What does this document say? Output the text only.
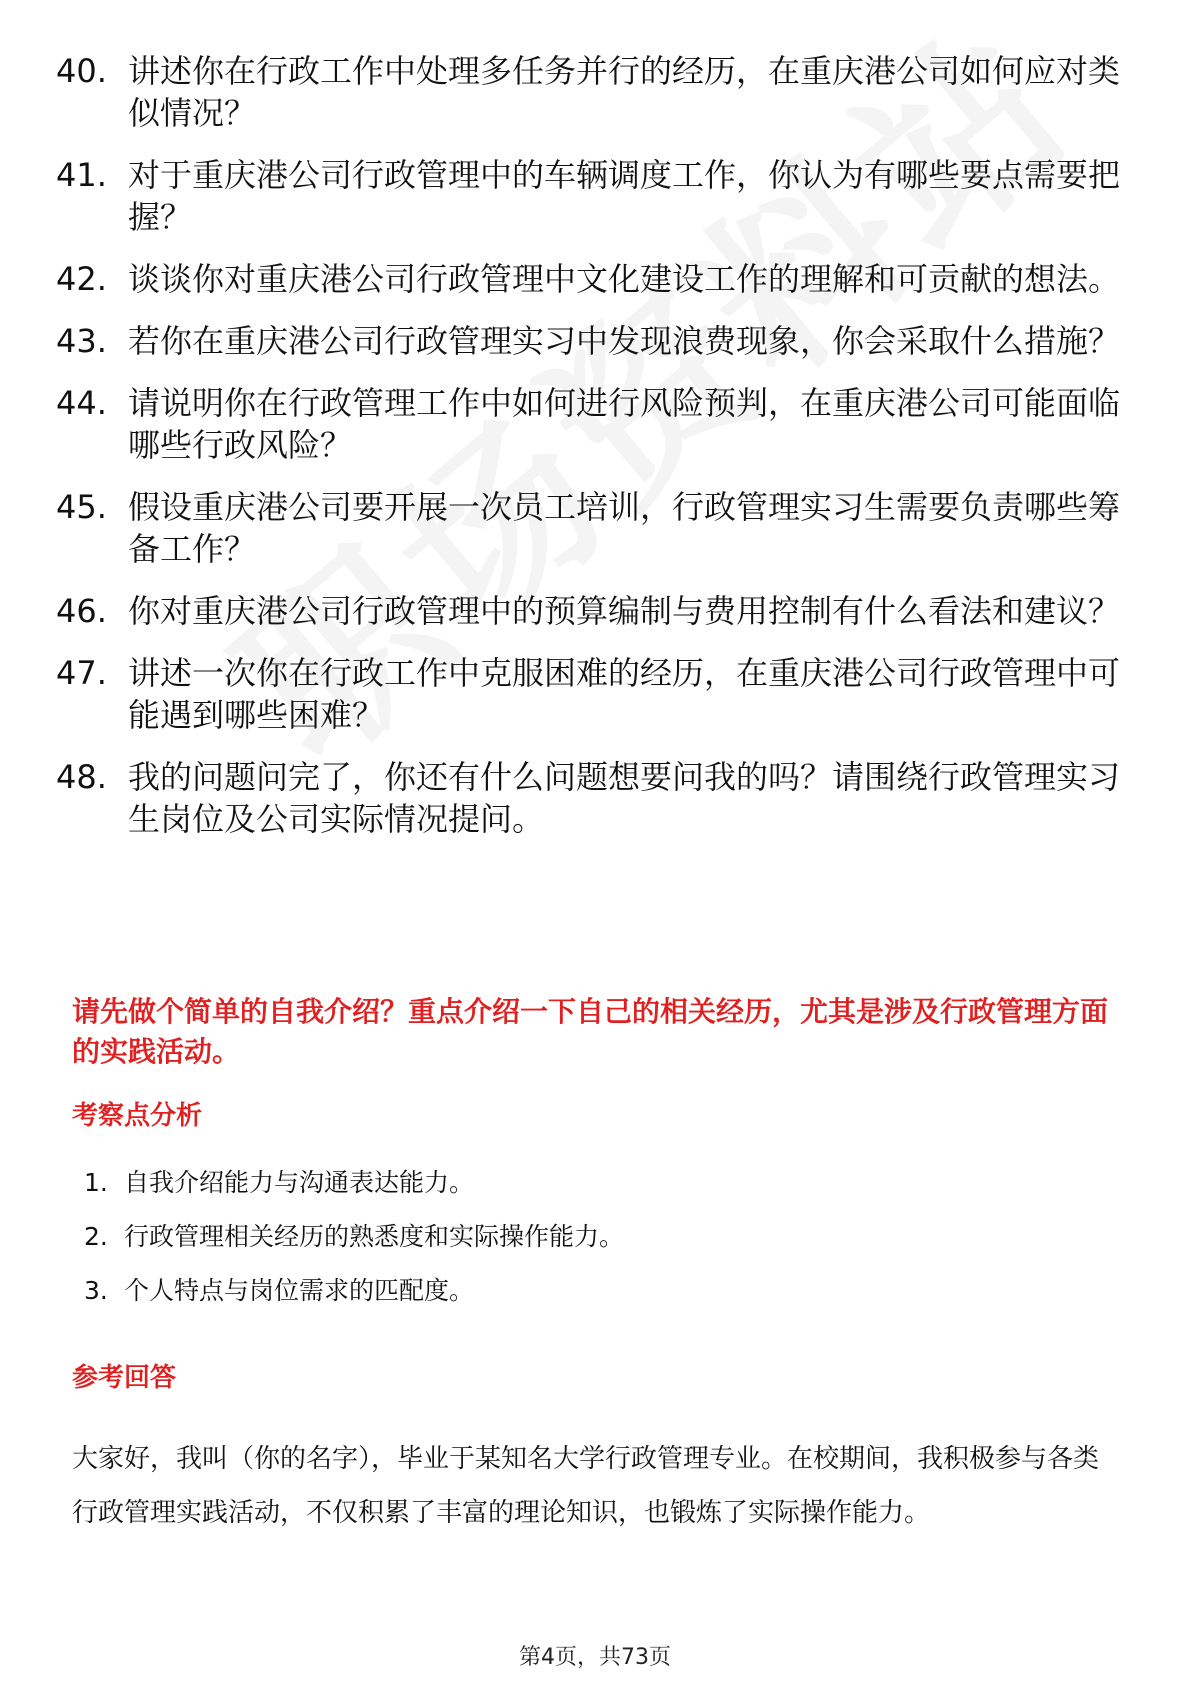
40. 讲述你在行政工作中处理多任务并行的经历，在重庆港公司如何应对类似情况？
41. 对于重庆港公司行政管理中的车辆调度工作，你认为有哪些要点需要把握？
42. 谈谈你对重庆港公司行政管理中文化建设工作的理解和可贡献的想法。
43. 若你在重庆港公司行政管理实习中发现浪费现象，你会采取什么措施？
44. 请说明你在行政管理工作中如何进行风险预判，在重庆港公司可能面临哪些行政风险？
45. 假设重庆港公司要开展一次员工培训，行政管理实习生需要负责哪些筹备工作？
46. 你对重庆港公司行政管理中的预算编制与费用控制有什么看法和建议？
47. 讲述一次你在行政工作中克服困难的经历，在重庆港公司行政管理中可能遇到哪些困难？
48. 我的问题问完了，你还有什么问题想要问我的吗？请围绕行政管理实习生岗位及公司实际情况提问。
请先做个简单的自我介绍？重点介绍一下自己的相关经历，尤其是涉及行政管理方面的实践活动。
考察点分析
1. 自我介绍能力与沟通表达能力。
2. 行政管理相关经历的熟悉度和实际操作能力。
3. 个人特点与岗位需求的匹配度。
参考回答
大家好，我叫（你的名字），毕业于某知名大学行政管理专业。在校期间，我积极参与各类行政管理实践活动，不仅积累了丰富的理论知识，也锻炼了实际操作能力。
第4页，共73页
